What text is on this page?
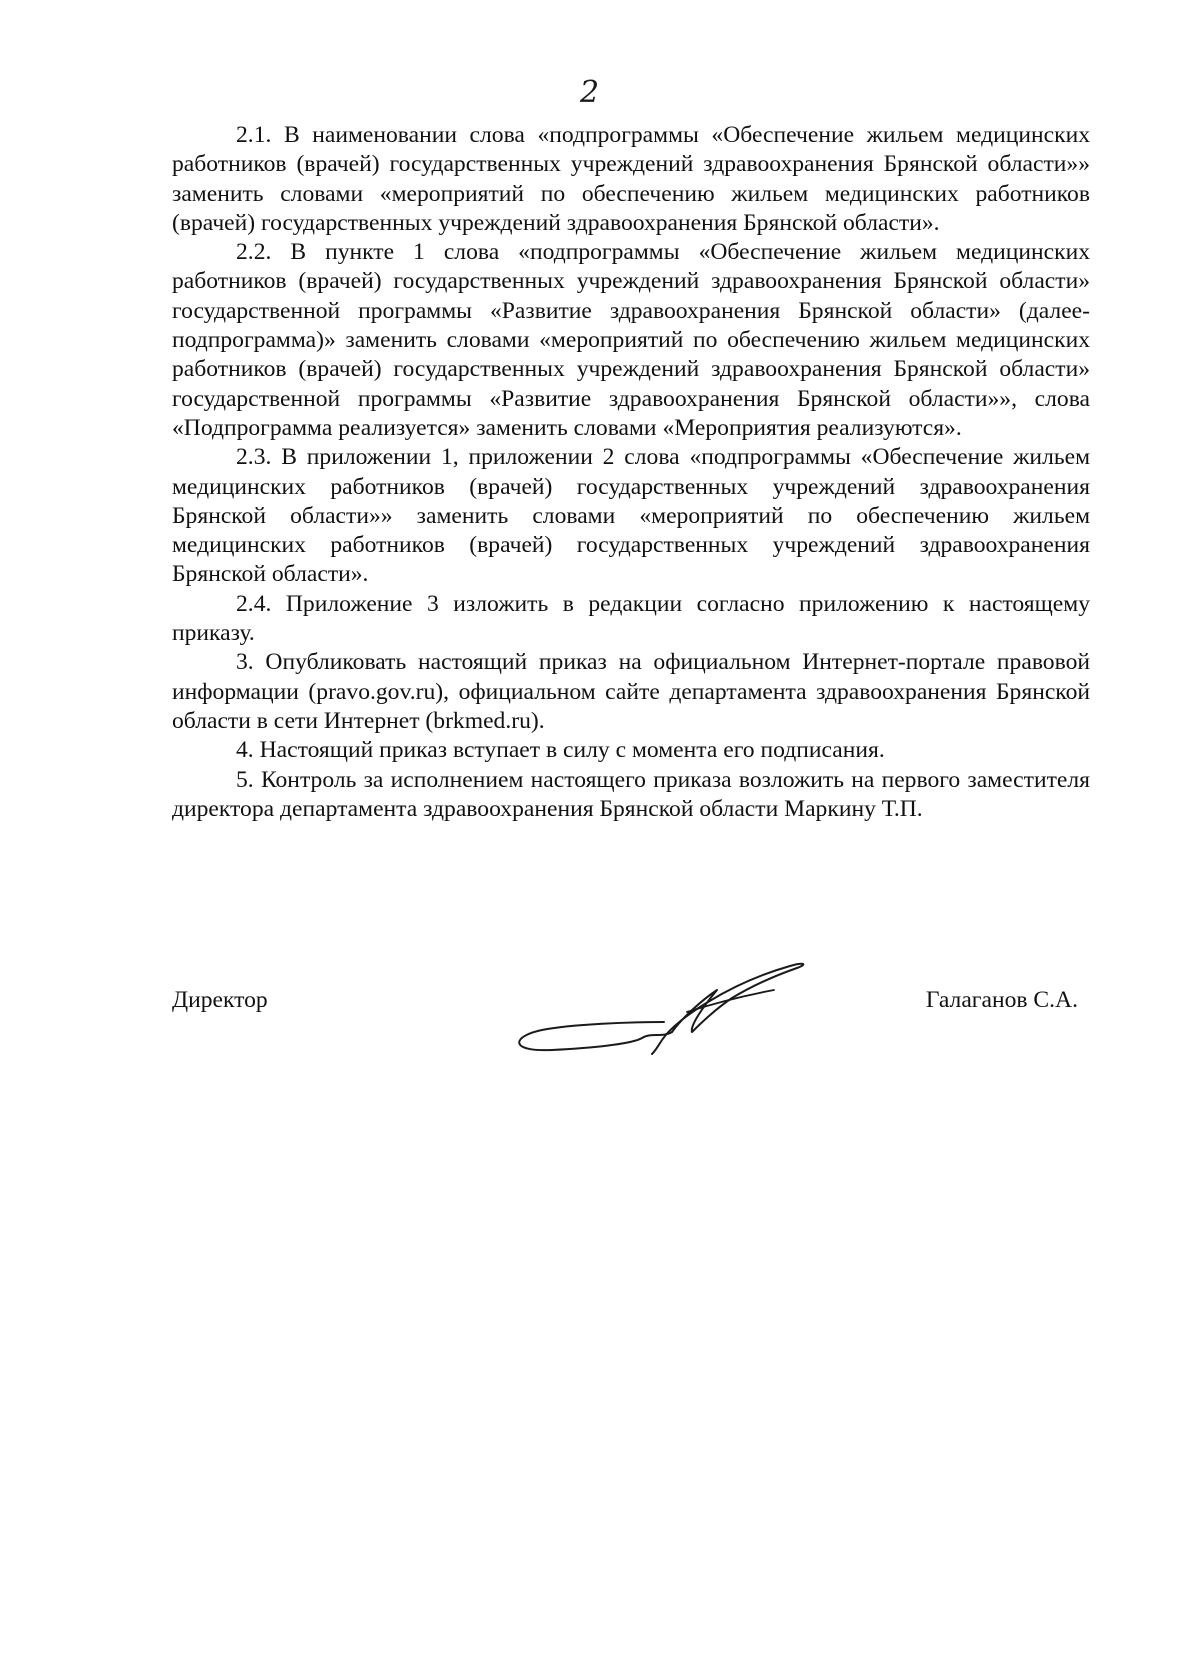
2

2.1. В наименовании слова «подпрограммы «Обеспечение жильем медицинских работников (врачей) государственных учреждений здравоохранения Брянской области»» заменить словами «мероприятий по обеспечению жильем медицинских работников (врачей) государственных учреждений здравоохранения Брянской области».

2.2. В пункте 1 слова «подпрограммы «Обеспечение жильем медицинских работников (врачей) государственных учреждений здравоохранения Брянской области» государственной программы «Развитие здравоохранения Брянской области» (далее-подпрограмма)» заменить словами «мероприятий по обеспечению жильем медицинских работников (врачей) государственных учреждений здравоохранения Брянской области» государственной программы «Развитие здравоохранения Брянской области»», слова «Подпрограмма реализуется» заменить словами «Мероприятия реализуются».

2.3. В приложении 1, приложении 2 слова «подпрограммы «Обеспечение жильем медицинских работников (врачей) государственных учреждений здравоохранения Брянской области»» заменить словами «мероприятий по обеспечению жильем медицинских работников (врачей) государственных учреждений здравоохранения Брянской области».

2.4. Приложение 3 изложить в редакции согласно приложению к настоящему приказу.

3. Опубликовать настоящий приказ на официальном Интернет-портале правовой информации (pravo.gov.ru), официальном сайте департамента здравоохранения Брянской области в сети Интернет (brkmed.ru).

4. Настоящий приказ вступает в силу с момента его подписания.

5. Контроль за исполнением настоящего приказа возложить на первого заместителя директора департамента здравоохранения Брянской области Маркину Т.П.

Директор	Галаганов С.А.
